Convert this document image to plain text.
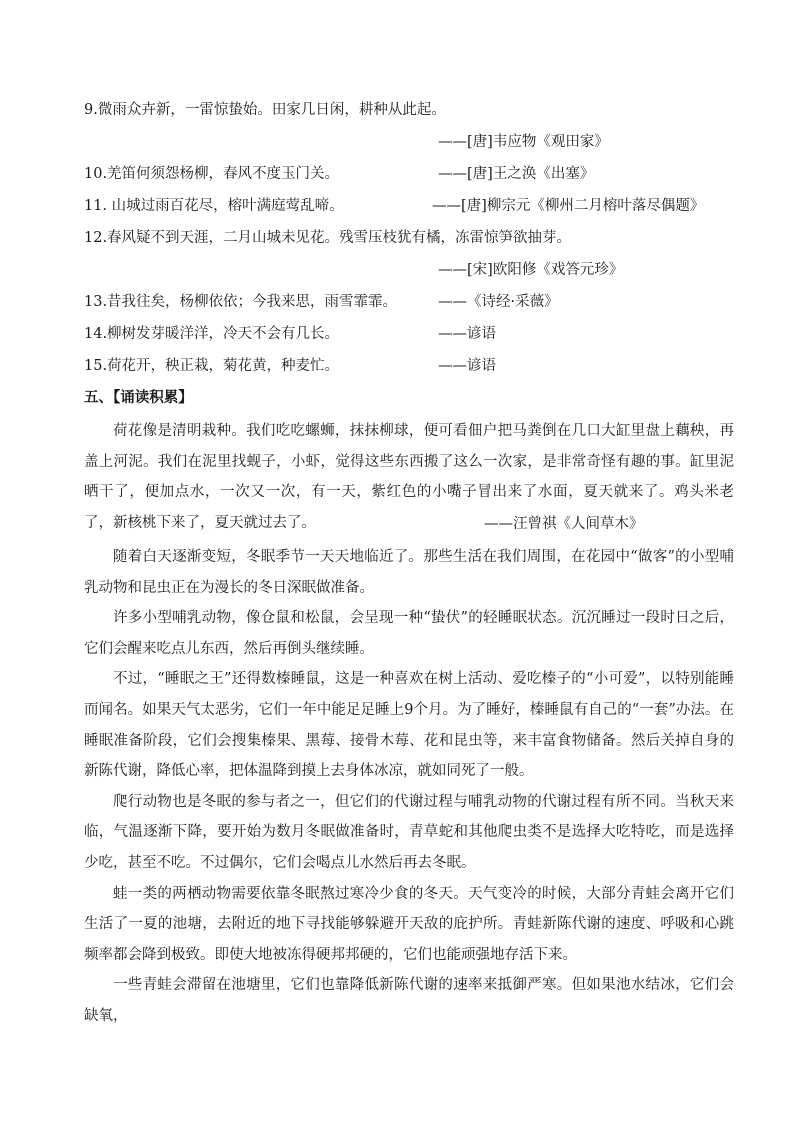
9.微雨众卉新，一雷惊蛰始。田家几日闲，耕种从此起。
——[唐]韦应物《观田家》
10.羌笛何须怨杨柳，春风不度玉门关。	——[唐]王之涣《出塞》
11. 山城过雨百花尽，榕叶满庭莺乱啼。	——[唐]柳宗元《柳州二月榕叶落尽偶题》
12.春风疑不到天涯，二月山城未见花。残雪压枝犹有橘，冻雷惊笋欲抽芽。
——[宋]欧阳修《戏答元珍》
13.昔我往矣，杨柳依依；今我来思，雨雪霏霏。	——《诗经·采薇》
14.柳树发芽暖洋洋，冷天不会有几长。	——谚语
15.荷花开，秧正栽，菊花黄，种麦忙。	——谚语
五、【诵读积累】

荷花像是清明栽种。我们吃吃螺蛳，抹抹柳球，便可看佃户把马粪倒在几口大缸里盘上藕秧，再盖上河泥。我们在泥里找蚬子，小虾，觉得这些东西搬了这么一次家，是非常奇怪有趣的事。缸里泥晒干了，便加点水，一次又一次，有一天，紫红色的小嘴子冒出来了水面，夏天就来了。鸡头米老了，新核桃下来了，夏天就过去了。	——汪曾祺《人间草木》

随着白天逐渐变短，冬眠季节一天天地临近了。那些生活在我们周围，在花园中“做客”的小型哺乳动物和昆虫正在为漫长的冬日深眠做准备。

许多小型哺乳动物，像仓鼠和松鼠，会呈现一种“蛰伏”的轻睡眠状态。沉沉睡过一段时日之后，它们会醒来吃点儿东西，然后再倒头继续睡。

不过，“睡眠之王”还得数榛睡鼠，这是一种喜欢在树上活动、爱吃榛子的“小可爱”，以特别能睡而闻名。如果天气太恶劣，它们一年中能足足睡上9个月。为了睡好，榛睡鼠有自己的“一套”办法。在睡眠准备阶段，它们会搜集榛果、黑莓、接骨木莓、花和昆虫等，来丰富食物储备。然后关掉自身的新陈代谢，降低心率，把体温降到摸上去身体冰凉，就如同死了一般。

爬行动物也是冬眠的参与者之一，但它们的代谢过程与哺乳动物的代谢过程有所不同。当秋天来临，气温逐渐下降，要开始为数月冬眠做准备时，青草蛇和其他爬虫类不是选择大吃特吃，而是选择少吃，甚至不吃。不过偶尔，它们会喝点儿水然后再去冬眠。

蛙一类的两栖动物需要依靠冬眠熬过寒冷少食的冬天。天气变冷的时候，大部分青蛙会离开它们生活了一夏的池塘，去附近的地下寻找能够躲避开天敌的庇护所。青蛙新陈代谢的速度、呼吸和心跳频率都会降到极致。即使大地被冻得硬邦邦硬的，它们也能顽强地存活下来。

一些青蛙会滞留在池塘里，它们也靠降低新陈代谢的速率来抵御严寒。但如果池水结冰，它们会缺氧，
